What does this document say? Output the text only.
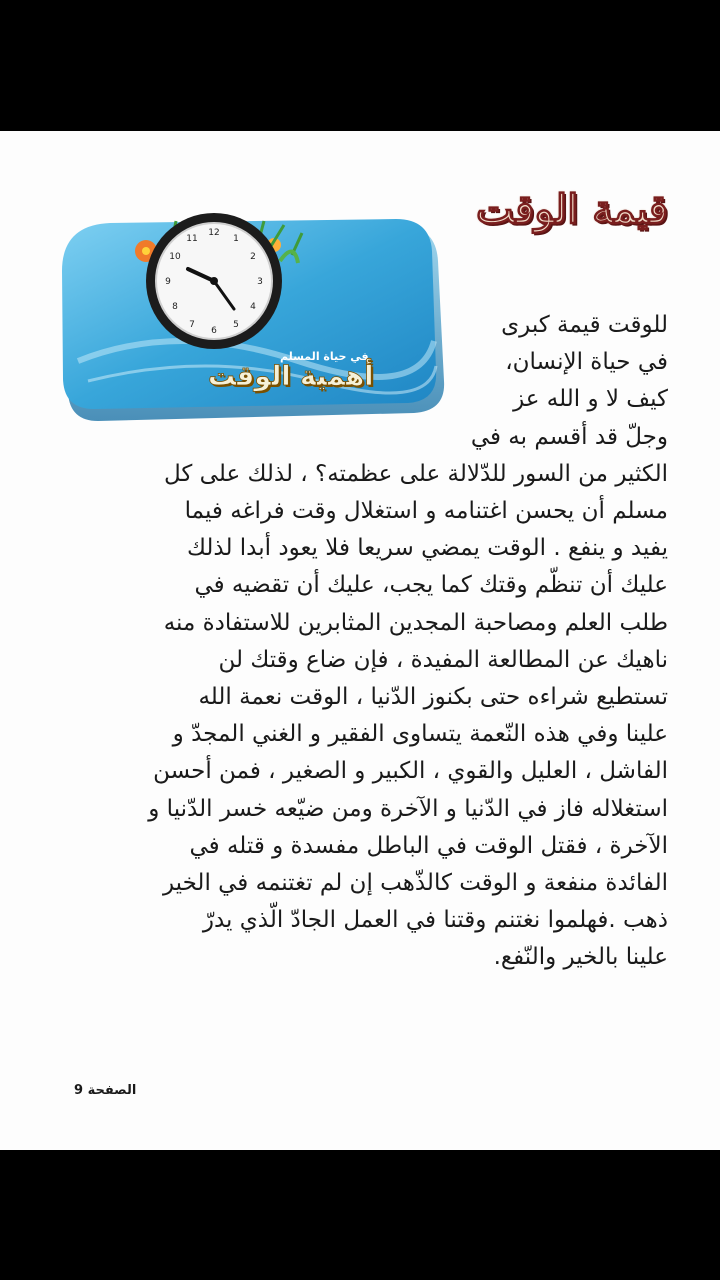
قيمة الوقت
12
1
2
3
4
5
6
7
8
9
10
11
في حياة المسلم
أهمية الوقت
للوقت قيمة كبرى
في حياة الإنسان،
كيف لا و الله عز
وجلّ قد أقسم به في
الكثير من السور للدّلالة على عظمته؟ ، لذلك على كل
مسلم أن يحسن اغتنامه و استغلال وقت فراغه فيما
يفيد و ينفع . الوقت يمضي سريعا فلا يعود أبدا لذلك
عليك أن تنظّم وقتك كما يجب، عليك أن تقضيه في
طلب العلم ومصاحبة المجدين المثابرين للاستفادة منه
ناهيك عن المطالعة المفيدة ، فإن ضاع وقتك لن
تستطيع شراءه حتى بكنوز الدّنيا ، الوقت نعمة الله
علينا وفي هذه النّعمة يتساوى الفقير و الغني المجدّ و
الفاشل ، العليل والقوي ، الكبير و الصغير ، فمن أحسن
استغلاله فاز في الدّنيا و الآخرة ومن ضيّعه خسر الدّنيا و
الآخرة ، فقتل الوقت في الباطل مفسدة و قتله في
الفائدة منفعة و الوقت كالذّهب إن لم تغتنمه في الخير
ذهب .فهلموا نغتنم وقتنا في العمل الجادّ الّذي يدرّ
علينا بالخير والنّفع.
الصفحة 9
